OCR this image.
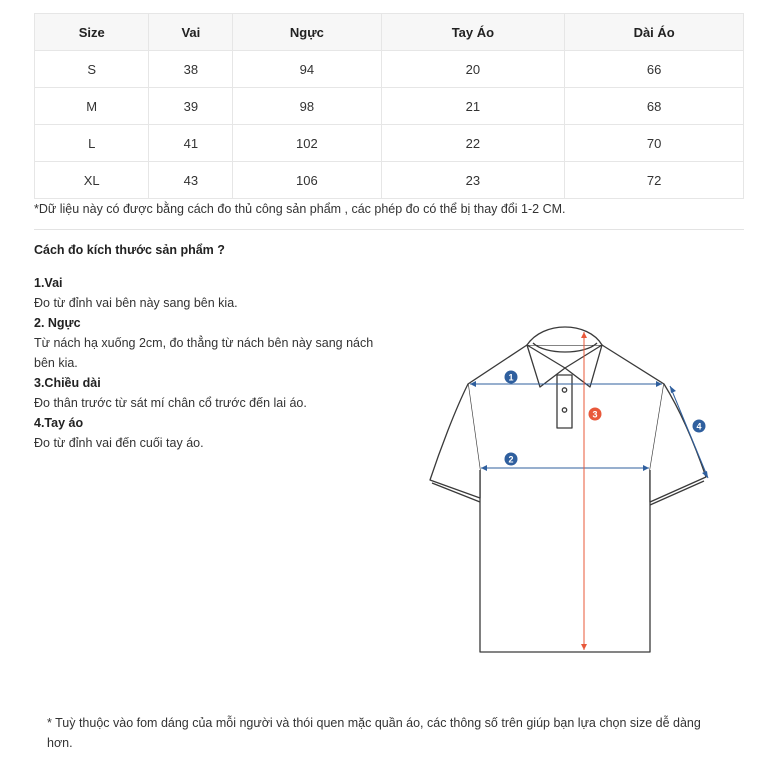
Size	Vai	Ngực	Tay Áo	Dài Áo
S	38	94	20	66
M	39	98	21	68
L	41	102	22	70
XL	43	106	23	72
*Dữ liệu này có được bằng cách đo thủ công sản phẩm , các phép đo có thể bị thay đổi 1-2 CM.
Cách đo kích thước sản phẩm ?
1.Vai
Đo từ đỉnh vai bên này sang bên kia.
2. Ngực
Từ nách hạ xuống 2cm, đo thẳng từ nách bên này sang nách bên kia.
3.Chiều dài
Đo thân trước từ sát mí chân cổ trước đến lai áo.
4.Tay áo
Đo từ đỉnh vai đến cuối tay áo.
1
2
3
4
* Tuỳ thuộc vào fom dáng của mỗi người và thói quen mặc quần áo, các thông số trên giúp bạn lựa chọn size dễ dàng hơn.
